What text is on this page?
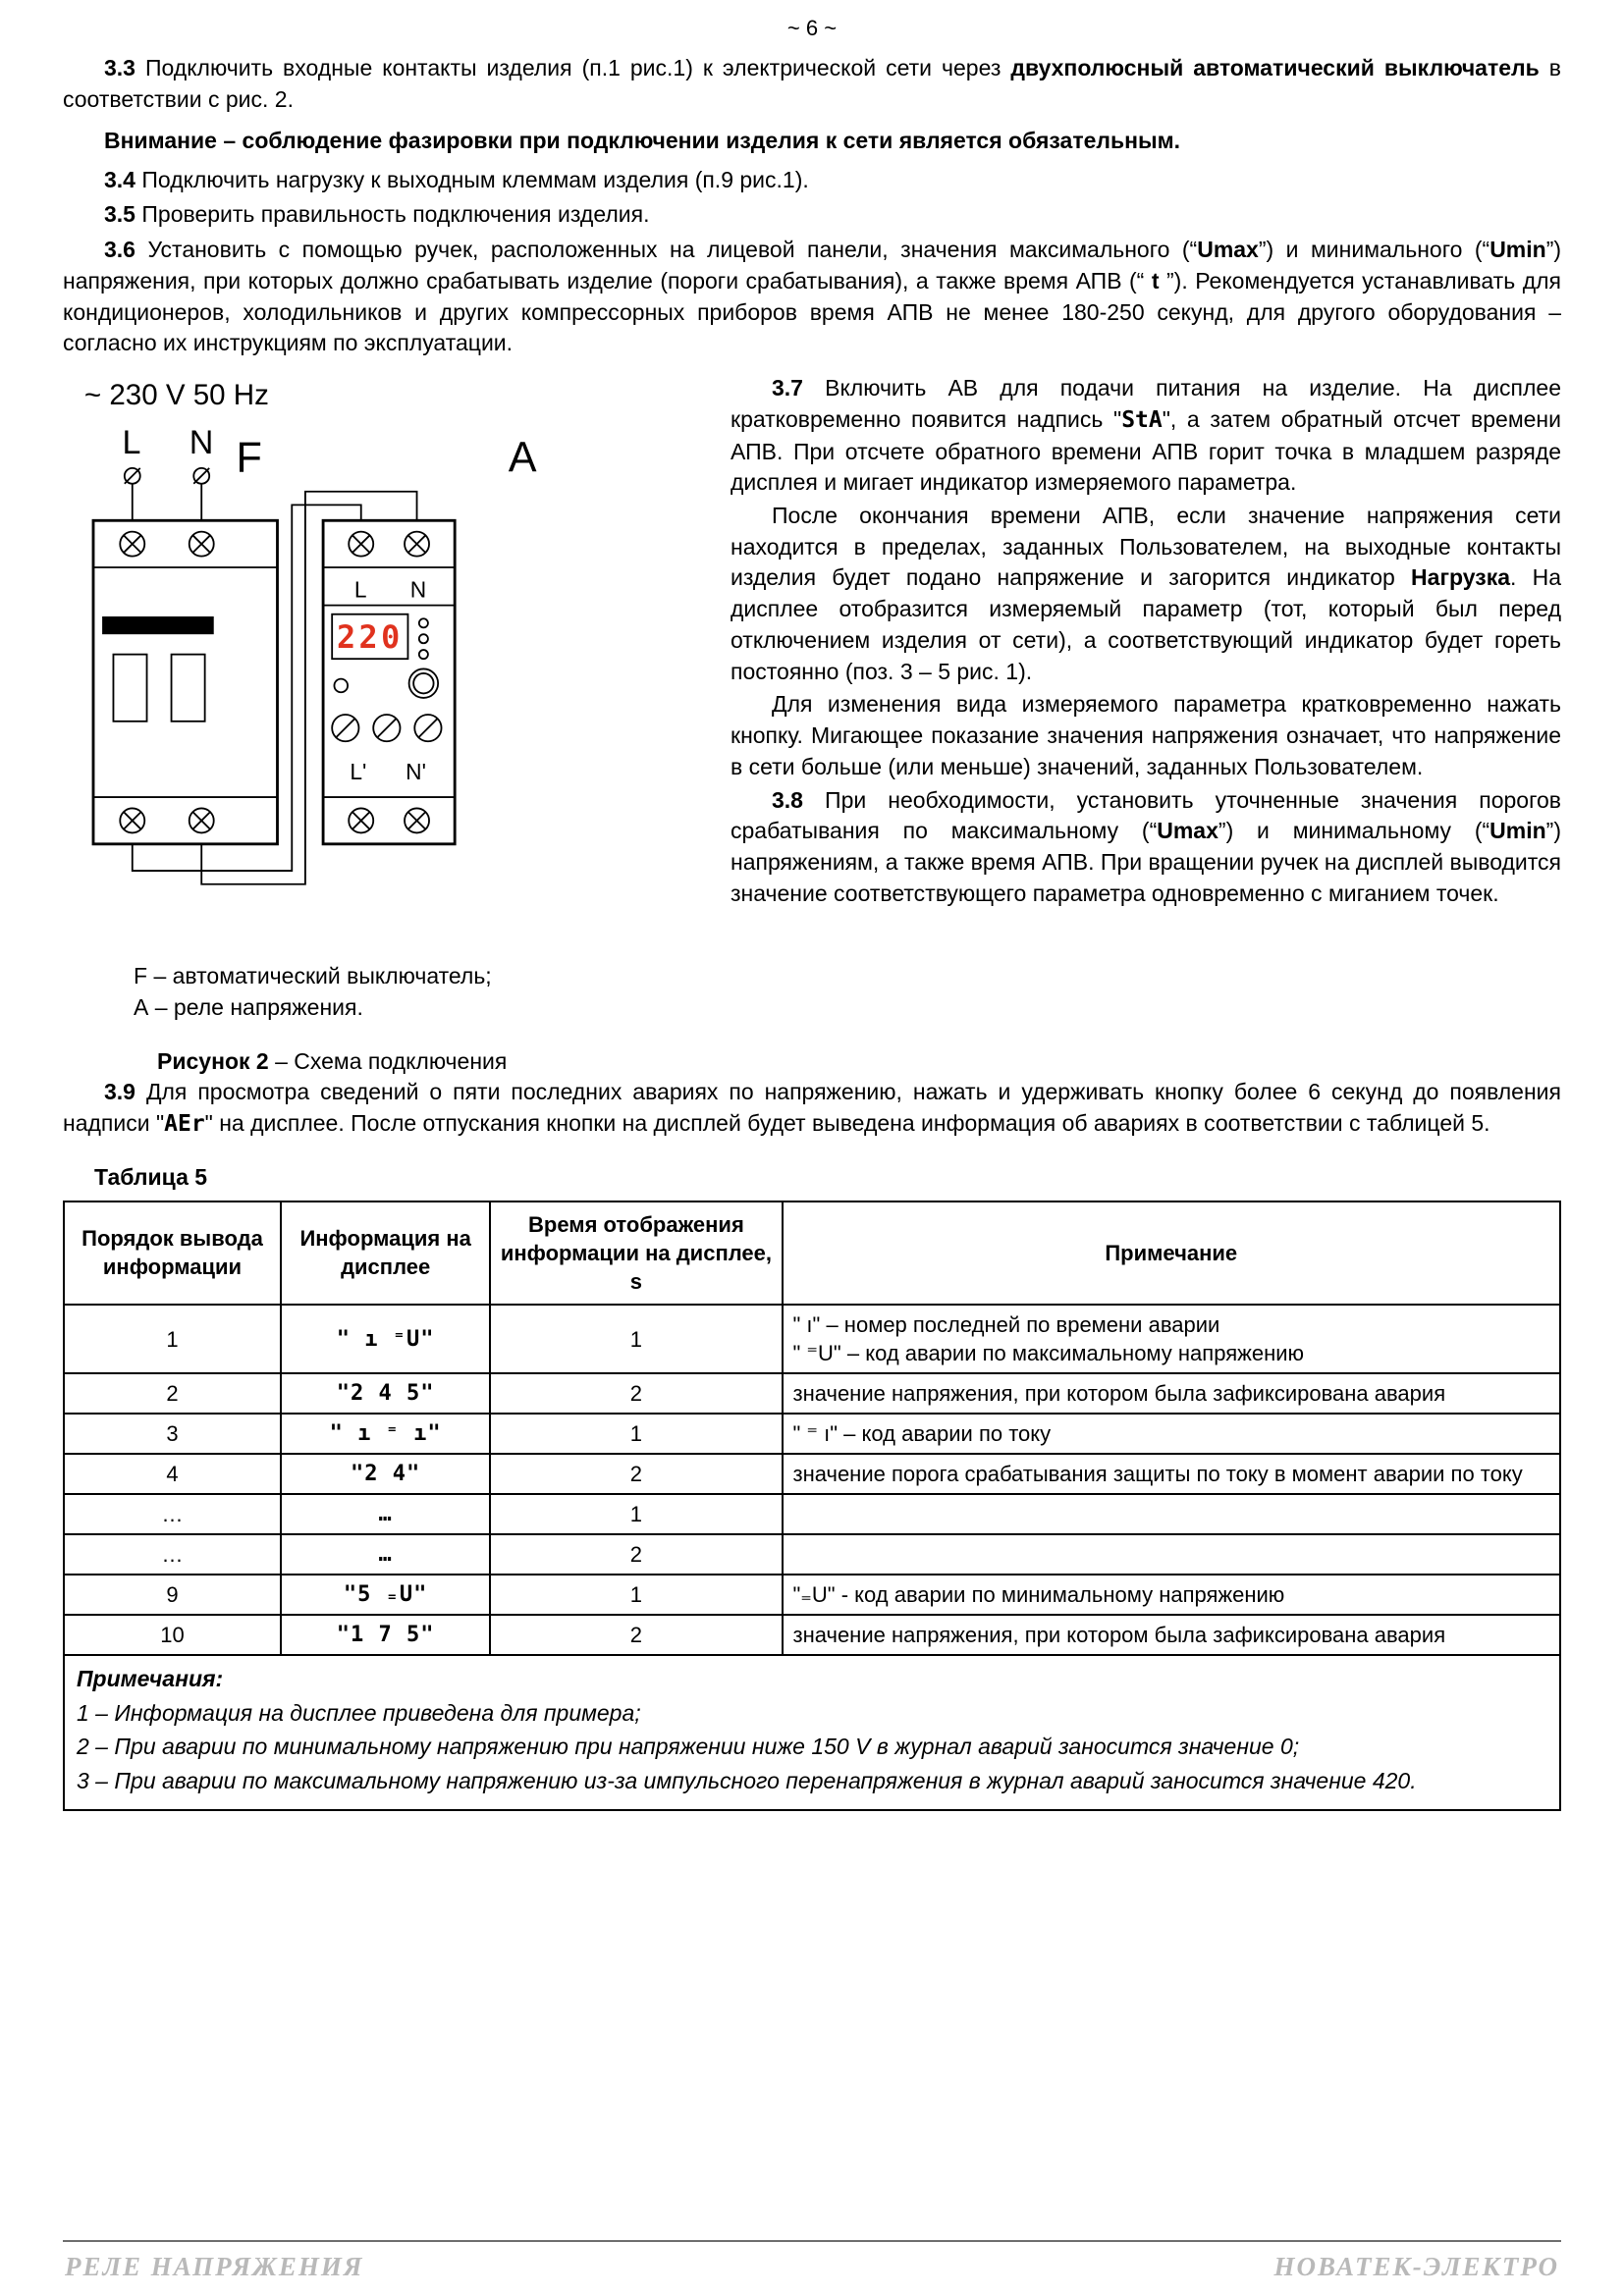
~ 6 ~

3.3 Подключить входные контакты изделия (п.1 рис.1) к электрической сети через двухполюсный автоматический выключатель в соответствии с рис. 2.

Внимание – соблюдение фазировки при подключении изделия к сети является обязательным.

3.4 Подключить нагрузку к выходным клеммам изделия (п.9 рис.1).

3.5 Проверить правильность подключения изделия.

3.6 Установить с помощью ручек, расположенных на лицевой панели, значения максимального (“Umax”) и минимального (“Umin”) напряжения, при которых должно срабатывать изделие (пороги срабатывания), а также время АПВ (“ t ”). Рекомендуется устанавливать для кондиционеров, холодильников и других компрессорных приборов время АПВ не менее 180-250 секунд, для другого оборудования – согласно их инструкциям по эксплуатации.

~ 230 V 50 Hz
L N F	A
L N
220
L' N'
F – автоматический выключатель;
А – реле напряжения.
Рисунок 2 – Схема подключения

3.7 Включить АВ для подачи питания на изделие. На дисплее кратковременно появится надпись "StA", а затем обратный отсчет времени АПВ. При отсчете обратного времени АПВ горит точка в младшем разряде дисплея и мигает индикатор измеряемого параметра.

После окончания времени АПВ, если значение напряжения сети находится в пределах, заданных Пользователем, на выходные контакты изделия будет подано напряжение и загорится индикатор Нагрузка. На дисплее отобразится измеряемый параметр (тот, который был перед отключением изделия от сети), а соответствующий индикатор будет гореть постоянно (поз. 3 – 5 рис. 1).

Для изменения вида измеряемого параметра кратковременно нажать кнопку. Мигающее показание значения напряжения означает, что напряжение в сети больше (или меньше) значений, заданных Пользователем.

3.8 При необходимости, установить уточненные значения порогов срабатывания по максимальному (“Umax”) и минимальному (“Umin”) напряжениям, а также время АПВ. При вращении ручек на дисплей выводится значение соответствующего параметра одновременно с миганием точек.

3.9 Для просмотра сведений о пяти последних авариях по напряжению, нажать и удерживать кнопку более 6 секунд до появления надписи "AEr" на дисплее. После отпускания кнопки на дисплей будет выведена информация об авариях в соответствии с таблицей 5.

Таблица 5
Порядок вывода информации	Информация на дисплее	Время отображения информации на дисплее, s	Примечание
1	" ı ⁼U"	1	" ı" – номер последней по времени аварии
" ⁼U" – код аварии по максимальному напряжению

2	"2 4 5"	2	значение напряжения, при котором была зафиксирована авария

3	" ı ⁼ ı"	1	" ⁼ ı" – код аварии по току

4	"2 4"	2	значение порога срабатывания защиты по току в момент аварии по току

…	…	1	
…	…	2	
9	"5 ₌U"	1	"₌U" - код аварии по минимальному напряжению

10	"1 7 5"	2	значение напряжения, при котором была зафиксирована авария
Примечания:
1 – Информация на дисплее приведена для примера;
2 – При аварии по минимальному напряжению при напряжении ниже 150 V в журнал аварий заносится значение 0;
3 – При аварии по максимальному напряжению из-за импульсного перенапряжения в журнал аварий заносится значение 420.
РЕЛЕ НАПРЯЖЕНИЯ	НОВАТЕК-ЭЛЕКТРО
